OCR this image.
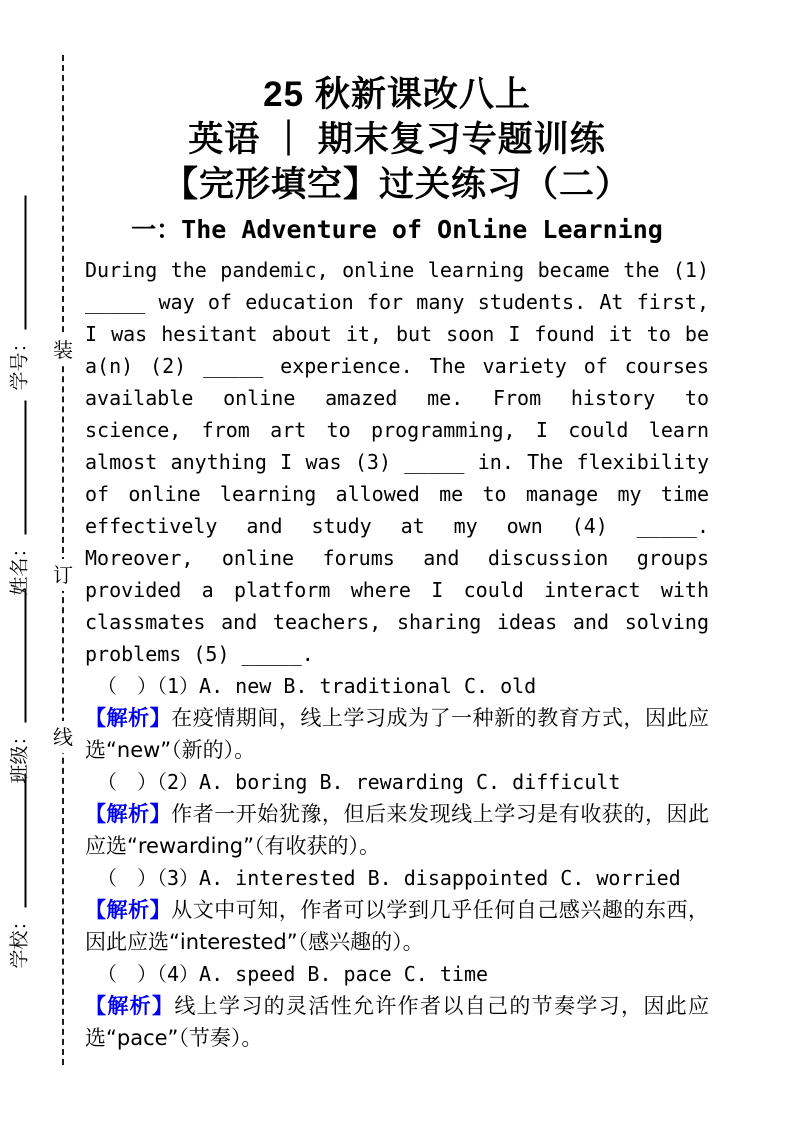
学号：
姓名：
班级：
学校：
装
订
线
25 秋新课改八上
英语 ｜ 期末复习专题训练
【完形填空】过关练习（二）
一：The Adventure of Online Learning

During the pandemic, online learning became the (1) _____ way of education for many students. At first, I was hesitant about it, but soon I found it to be a(n) (2) _____ experience. The variety of courses available online amazed me. From history to science, from art to programming, I could learn almost anything I was (3) _____ in. The flexibility of online learning allowed me to manage my time effectively and study at my own (4) _____. Moreover, online forums and discussion groups provided a platform where I could interact with classmates and teachers, sharing ideas and solving problems (5) _____.

（　）（1）A. new B. traditional C. old

【解析】在疫情期间，线上学习成为了一种新的教育方式，因此应选“new”（新的）。

（　）（2）A. boring B. rewarding C. difficult

【解析】作者一开始犹豫，但后来发现线上学习是有收获的，因此应选“rewarding”（有收获的）。

（　）（3）A. interested B. disappointed C. worried

【解析】从文中可知，作者可以学到几乎任何自己感兴趣的东西，因此应选“interested”（感兴趣的）。

（　）（4）A. speed B. pace C. time

【解析】线上学习的灵活性允许作者以自己的节奏学习，因此应选“pace”（节奏）。
